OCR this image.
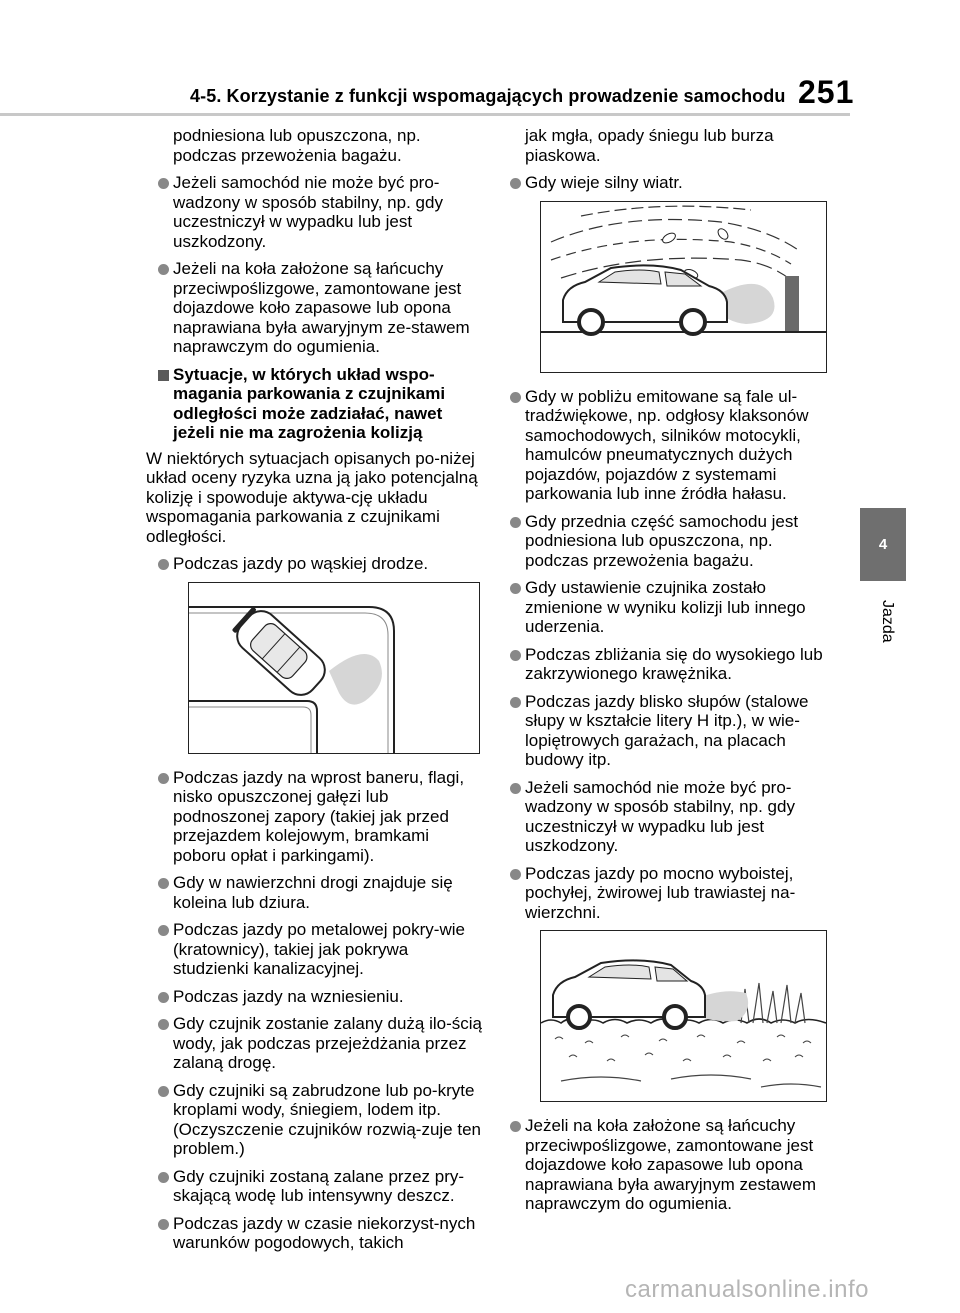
4-5. Korzystanie z funkcji wspomagających prowadzenie samochodu 251
4
Jazda
podniesiona lub opuszczona, np. podczas przewożenia bagażu.
Jeżeli samochód nie może być pro-wadzony w sposób stabilny, np. gdy uczestniczył w wypadku lub jest uszkodzony.
Jeżeli na koła założone są łańcuchy przeciwpoślizgowe, zamontowane jest dojazdowe koło zapasowe lub opona naprawiana była awaryjnym ze-stawem naprawczym do ogumienia.
Sytuacje, w których układ wspo-magania parkowania z czujnikami odległości może zadziałać, nawet jeżeli nie ma zagrożenia kolizją
W niektórych sytuacjach opisanych po-niżej układ oceny ryzyka uzna ją jako potencjalną kolizję i spowoduje aktywa-cję układu wspomagania parkowania z czujnikami odległości.
Podczas jazdy po wąskiej drodze.
Podczas jazdy na wprost baneru, flagi, nisko opuszczonej gałęzi lub podnoszonej zapory (takiej jak przed przejazdem kolejowym, bramkami poboru opłat i parkingami).
Gdy w nawierzchni drogi znajduje się koleina lub dziura.
Podczas jazdy po metalowej pokry-wie (kratownicy), takiej jak pokrywa studzienki kanalizacyjnej.
Podczas jazdy na wzniesieniu.
Gdy czujnik zostanie zalany dużą ilo-ścią wody, jak podczas przejeżdżania przez zalaną drogę.
Gdy czujniki są zabrudzone lub po-kryte kroplami wody, śniegiem, lodem itp. (Oczyszczenie czujników rozwią-zuje ten problem.)
Gdy czujniki zostaną zalane przez pry-skającą wodę lub intensywny deszcz.
Podczas jazdy w czasie niekorzyst-nych warunków pogodowych, takich
jak mgła, opady śniegu lub burza piaskowa.
Gdy wieje silny wiatr.
Gdy w pobliżu emitowane są fale ul-tradźwiękowe, np. odgłosy klaksonów samochodowych, silników motocykli, hamulców pneumatycznych dużych pojazdów, pojazdów z systemami parkowania lub inne źródła hałasu.
Gdy przednia część samochodu jest podniesiona lub opuszczona, np. podczas przewożenia bagażu.
Gdy ustawienie czujnika zostało zmienione w wyniku kolizji lub innego uderzenia.
Podczas zbliżania się do wysokiego lub zakrzywionego krawężnika.
Podczas jazdy blisko słupów (stalowe słupy w kształcie litery H itp.), w wie-lopiętrowych garażach, na placach budowy itp.
Jeżeli samochód nie może być pro-wadzony w sposób stabilny, np. gdy uczestniczył w wypadku lub jest uszkodzony.
Podczas jazdy po mocno wyboistej, pochyłej, żwirowej lub trawiastej na-wierzchni.
Jeżeli na koła założone są łańcuchy przeciwpoślizgowe, zamontowane jest dojazdowe koło zapasowe lub opona naprawiana była awaryjnym zestawem naprawczym do ogumienia.
carmanualsonline.info
